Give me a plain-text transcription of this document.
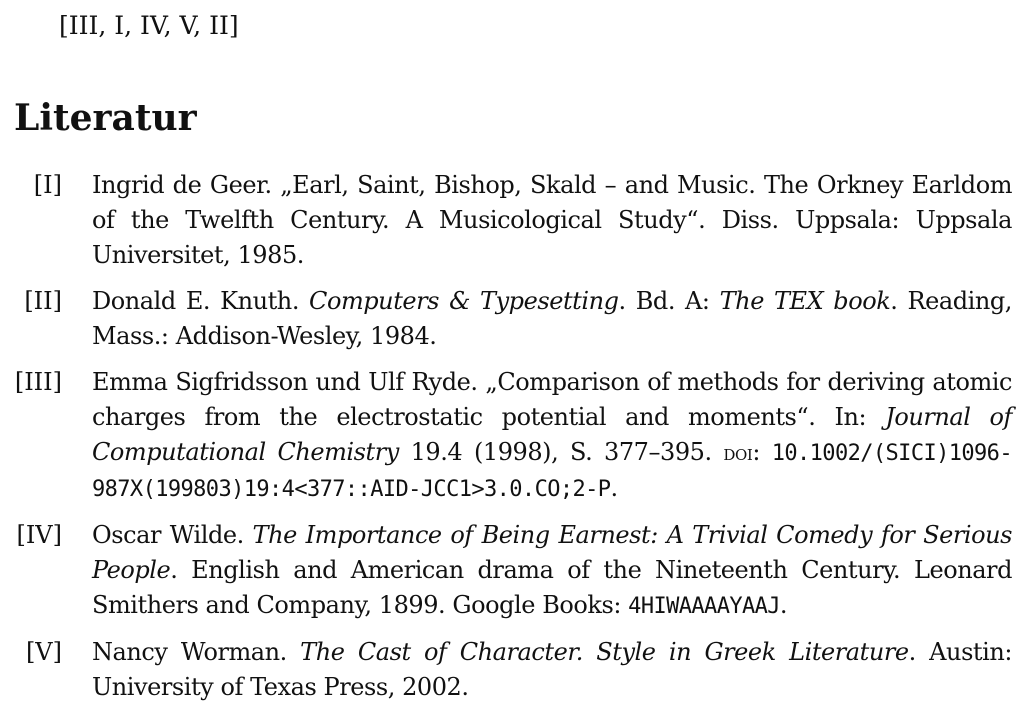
[III, I, IV, V, II]
Literatur
[I] Ingrid de Geer. „Earl, Saint, Bishop, Skald – and Music. The Orkney Earldom of the Twelfth Century. A Musicological Study“. Diss. Uppsala: Uppsala Universitet, 1985.
[II] Donald E. Knuth. Computers & Typesetting. Bd. A: The TEX book. Reading, Mass.: Addison-Wesley, 1984.
[III] Emma Sigfridsson und Ulf Ryde. „Comparison of methods for deriving atomic charges from the electrostatic potential and moments“. In: Journal of Computational Chemistry 19.4 (1998), S. 377–395. doi: 10.1002/​(SICI)1096-987X(199803)19:4<377::AID-JCC1>3.0.CO;2-P.
[IV] Oscar Wilde. The Importance of Being Earnest: A Trivial Comedy for Serious People. English and American drama of the Nineteenth Century. Leonard Smithers and Company, 1899. Google Books: 4HIWAAAAYAAJ.
[V] Nancy Worman. The Cast of Character. Style in Greek Literature. Austin: University of Texas Press, 2002.
